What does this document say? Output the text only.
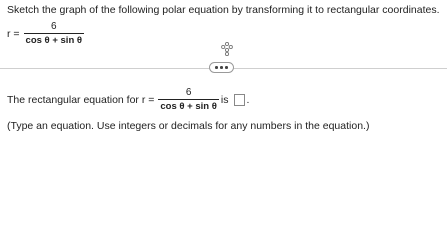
Sketch the graph of the following polar equation by transforming it to rectangular coordinates.
$r = \frac{6}{\text{cos θ + sin θ}}$
The rectangular equation for $r = \frac{6}{\text{cos θ + sin θ}}$ is .
(Type an equation. Use integers or decimals for any numbers in the equation.)
